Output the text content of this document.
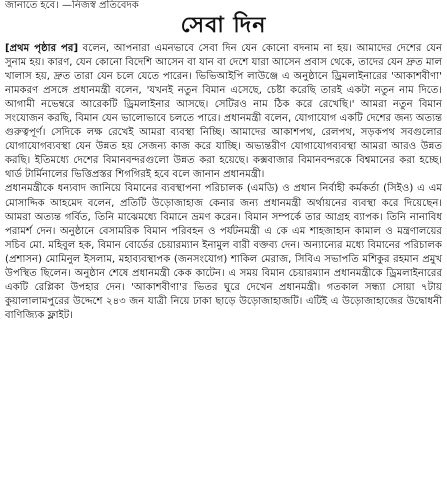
জানাতে হবে। —নিজস্ব প্রতিবেদক
সেবা দিন

[প্রথম পৃষ্ঠার পর] বলেন, আপনারা এমনভাবে সেবা দিন যেন কোনো বদনাম না হয়। আমাদের দেশের যেন সুনাম হয়। কারণ, যেন কোনো বিদেশি আসেন বা যান বা দেশে যারা আসেন প্রবাস থেকে, তাদের যেন দ্রুত মাল খালাস হয়, দ্রুত তারা যেন চলে যেতে পারেন। ভিভিআইপি লাউঞ্জে এ অনুষ্ঠানে ড্রিমলাইনারের 'আকাশবীণা' নামকরণ প্রসঙ্গে প্রধানমন্ত্রী বলেন, 'যখনই নতুন বিমান এসেছে, চেষ্টা করেছি তারই একটা নতুন নাম দিতে। আগামী নভেম্বরে আরেকটি ড্রিমলাইনার আসছে। সেটিরও নাম ঠিক করে রেখেছি।' আমরা নতুন বিমান সংযোজন করছি, বিমান যেন ভালোভাবে চলতে পারে। প্রধানমন্ত্রী বলেন, যোগাযোগ একটি দেশের জন্য অত্যন্ত গুরুত্বপূর্ণ। সেদিকে লক্ষ রেখেই আমরা ব্যবস্থা নিচ্ছি। আমাদের আকাশপথ, রেলপথ, সড়কপথ সবগুলোর যোগাযোগব্যবস্থা যেন উন্নত হয় সেজন্য কাজ করে যাচ্ছি। অভ্যন্তরীণ যোগাযোগব্যবস্থা আমরা আরও উন্নত করছি। ইতিমধ্যে দেশের বিমানবন্দরগুলো উন্নত করা হয়েছে। কক্সবাজার বিমানবন্দরকে বিশ্বমানের করা হচ্ছে। থার্ড টার্মিনালের ভিত্তিপ্রস্তর শিগগিরই হবে বলে জানান প্রধানমন্ত্রী।

প্রধানমন্ত্রীকে ধন্যবাদ জানিয়ে বিমানের ব্যবস্থাপনা পরিচালক (এমডি) ও প্রধান নির্বাহী কর্মকর্তা (সিইও) এ এম মোসাদ্দিক আহমেদ বলেন, প্রতিটি উড়োজাহাজ কেনার জন্য প্রধানমন্ত্রী অর্থায়নের ব্যবস্থা করে দিয়েছেন। আমরা অত্যন্ত গর্বিত, তিনি মাঝেমধ্যে বিমানে ভ্রমণ করেন। বিমান সম্পর্কে তার আগ্রহ ব্যাপক। তিনি নানাবিধ পরামর্শ দেন। অনুষ্ঠানে বেসামরিক বিমান পরিবহন ও পর্যটনমন্ত্রী এ কে এম শাহজাহান কামাল ও মন্ত্রণালয়ের সচিব মো. মহিবুল হক, বিমান বোর্ডের চেয়ারম্যান ইনামুল বারী বক্তব্য দেন। অন্যান্যের মধ্যে বিমানের পরিচালক (প্রশাসন) মোমিনুল ইসলাম, মহাব্যবস্থাপক (জনসংযোগ) শাকিল মেরাজ, সিবিএ সভাপতি মশিকুর রহমান প্রমুখ উপস্থিত ছিলেন। অনুষ্ঠান শেষে প্রধানমন্ত্রী কেক কাটেন। এ সময় বিমান চেয়ারম্যান প্রধানমন্ত্রীকে ড্রিমলাইনারের একটি রেপ্লিকা উপহার দেন। 'আকাশবীণা'র ভিতর ঘুরে দেখেন প্রধানমন্ত্রী। গতকাল সন্ধ্যা সোয়া ৭টায় কুয়ালালামপুরের উদ্দেশে ২৪৩ জন যাত্রী নিয়ে ঢাকা ছাড়ে উড়োজাহাজটি। এটিই এ উড়োজাহাজের উদ্বোধনী বাণিজ্যিক ফ্লাইট।
